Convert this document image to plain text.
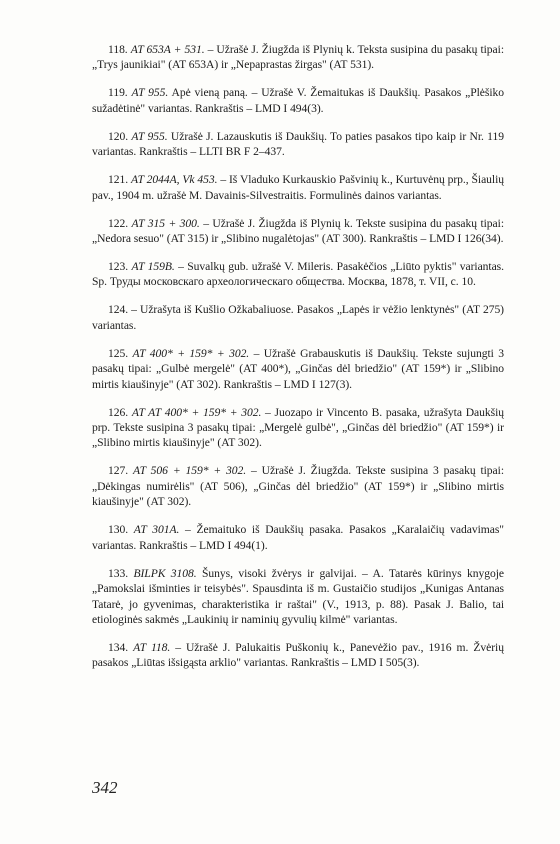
118. AT 653A + 531. – Užrašė J. Žiugžda iš Plynių k. Teksta susipina du pasakų tipai: „Trys jaunikiai" (AT 653A) ir „Nepaprastas žirgas" (AT 531).

119. AT 955. Apė vieną paną. – Užrašė V. Žemaitukas iš Daukšių. Pasakos „Plėšiko sužadėtinė" variantas. Rankraštis – LMD I 494(3).

120. AT 955. Užrašė J. Lazauskutis iš Daukšių. To paties pasakos tipo kaip ir Nr. 119 variantas. Rankraštis – LLTI BR F 2–437.

121. AT 2044A, Vk 453. – Iš Vladuko Kurkauskio Pašvinių k., Kurtuvėnų prp., Šiaulių pav., 1904 m. užrašė M. Davainis-Silvestraitis. Formulinės dainos variantas.

122. AT 315 + 300. – Užrašė J. Žiugžda iš Plynių k. Tekste susipina du pasakų tipai: „Nedora sesuo" (AT 315) ir „Slibino nugalėtojas" (AT 300). Rankraštis – LMD I 126(34).

123. AT 159B. – Suvalkų gub. užrašė V. Mileris. Pasakėčios „Liūto pyktis" variantas. Sp. Труды московскаго археологическаго общества. Москва, 1878, т. VII, с. 10.

124. – Užrašyta iš Kušlio Ožkabaliuose. Pasakos „Lapės ir vėžio lenktynės" (AT 275) variantas.

125. AT 400* + 159* + 302. – Užrašė Grabauskutis iš Daukšių. Tekste sujungti 3 pasakų tipai: „Gulbė mergelė" (AT 400*), „Ginčas dėl briedžio" (AT 159*) ir „Slibino mirtis kiaušinyje" (AT 302). Rankraštis – LMD I 127(3).

126. AT AT 400* + 159* + 302. – Juozapo ir Vincento B. pasaka, užrašyta Daukšių prp. Tekste susipina 3 pasakų tipai: „Mergelė gulbė", „Ginčas dėl briedžio" (AT 159*) ir „Slibino mirtis kiaušinyje" (AT 302).

127. AT 506 + 159* + 302. – Užrašė J. Žiugžda. Tekste susipina 3 pasakų tipai: „Dėkingas numirėlis" (AT 506), „Ginčas dėl briedžio" (AT 159*) ir „Slibino mirtis kiaušinyje" (AT 302).

130. AT 301A. – Žemaituko iš Daukšių pasaka. Pasakos „Karalaičių vadavimas" variantas. Rankraštis – LMD I 494(1).

133. BILPK 3108. Šunys, visoki žvėrys ir galvijai. – A. Tatarės kūrinys knygoje „Pamokslai išminties ir teisybės". Spausdinta iš m. Gustaičio studijos „Kunigas Antanas Tatarė, jo gyvenimas, charakteristika ir raštai" (V., 1913, p. 88). Pasak J. Balio, tai etiologinės sakmės „Laukinių ir naminių gyvulių kilmė" variantas.

134. AT 118. – Užrašė J. Palukaitis Puškonių k., Panevėžio pav., 1916 m. Žvėrių pasakos „Liūtas išsigąsta arklio" variantas. Rankraštis – LMD I 505(3).

342
